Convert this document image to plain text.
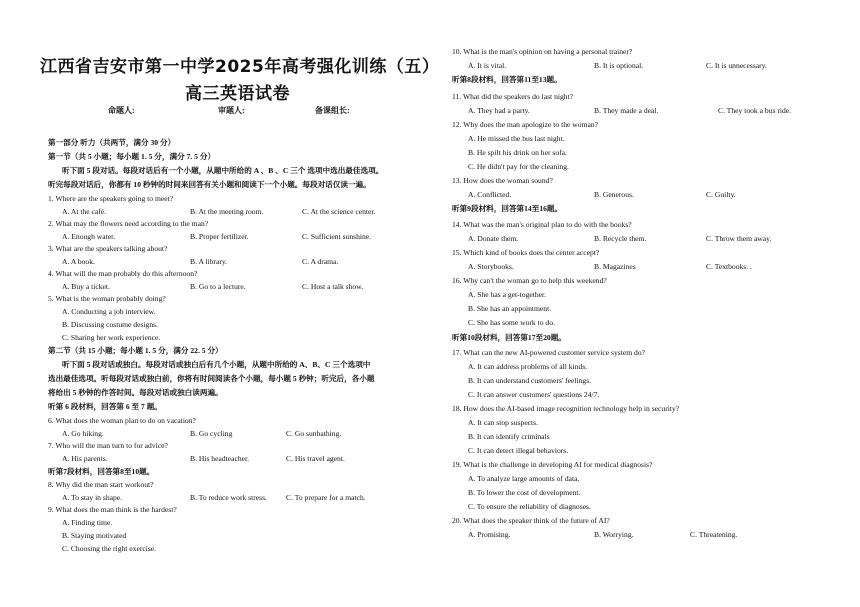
江西省吉安市第一中学2025年高考强化训练（五）
高三英语试卷
命题人:	审题人:	备课组长:
第一部分 听力（共两节，满分 30 分）
第一节（共 5 小题；每小题 1. 5 分，满分 7. 5 分）
听下面 5 段对话。每段对话后有一个小题，从题中所给的 A 、B 、C 三个 选项中选出最佳选项。
听完每段对话后，你都有 10 秒钟的时间来回答有关小题和阅读下一个小题。每段对话仅读一遍。
1. Where are the speakers going to meet?
A. At the café.	B. At the meeting room.	C. At the science center.
2. What may the flowers need according to the man?
A. Enough water.	B. Proper fertilizer.	C. Sufficient sunshine.
3. What are the speakers talking about?
A. A book.	B. A library.	C. A drama.
4. What will the man probably do this afternoon?
A. Buy a ticket.	B. Go to a lecture.	C. Host a talk show.
5. What is the woman probably doing?
A. Conducting a job interview.
B. Discussing costume designs.
C. Sharing her work experience.
第二节（共 15 小题；每小题 1. 5 分，满分 22. 5 分）
听下面 5 段对话或独白。每段对话或独白后有几个小题，从题中所给的 A、B、C 三个选项中
选出最佳选项。听每段对话或独白前，你将有时间阅读各个小题，每小题 5 秒钟；听完后，各小题
将给出 5 秒钟的作答时间。每段对话或独白读两遍。
听第 6 段材料，回答第 6 至 7 题。
6. What does the woman plan to do on vacation?
A. Go hiking.	B. Go cycling	C. Go sunbathing.
7. Who will the man turn to for advice?
A. His parents.	B. His headteacher.	C. His travel agent.
听第7段材料，回答第8至10题。
8. Why did the man start workout?
A. To stay in shape.	B. To reduce work stress.	C. To prepare for a match.
9. What does the man think is the hardest?
A. Finding time.
B. Staying motivated
C. Choosing the right exercise.
10. What is the man's opinion on having a personal trainer?
A. It is vital.	B. It is optional.	C. It is unnecessary.
听第8段材料，回答第11至13题。
11. What did the speakers do last night?
A. They had a party.	B. They made a deal.	C. They took a bus ride.
12. Why does the man apologize to the woman?
A. He missed the bus last night.
B. He spilt his drink on her sofa.
C. He didn't pay for the cleaning.
13. How does the woman sound?
A. Conflicted.	B. Generous.	C. Guilty.
听第9段材料，回答第14至16题。
14. What was the man's original plan to do with the books?
A. Donate them.	B. Recycle them.	C. Throw them away.
15. Which kind of books does the center accept?
A. Storybooks.	B. Magazines	C. Textbooks. .
16. Why can't the woman go to help this weekend?
A. She has a get-together.
B. She has an appointment.
C. She has some work to do.
听第10段材料，回答第17至20题。
17. What can the new AI-powered customer service system do?
A. It can address problems of all kinds.
B. It can understand customers' feelings.
C. It can answer customers' questions 24/7.
18. How does the AI-based image recognition technology help in security?
A. It can stop suspects.
B. It can identify criminals
C. It can detect illegal behaviors.
19. What is the challenge in developing AI for medical diagnosis?
A. To analyze large amounts of data.
B. To lower the cost of development.
C. To ensure the reliability of diagnoses.
20. What does the speaker think of the future of AI?
A. Promising.	B. Worrying.	C. Threatening.
